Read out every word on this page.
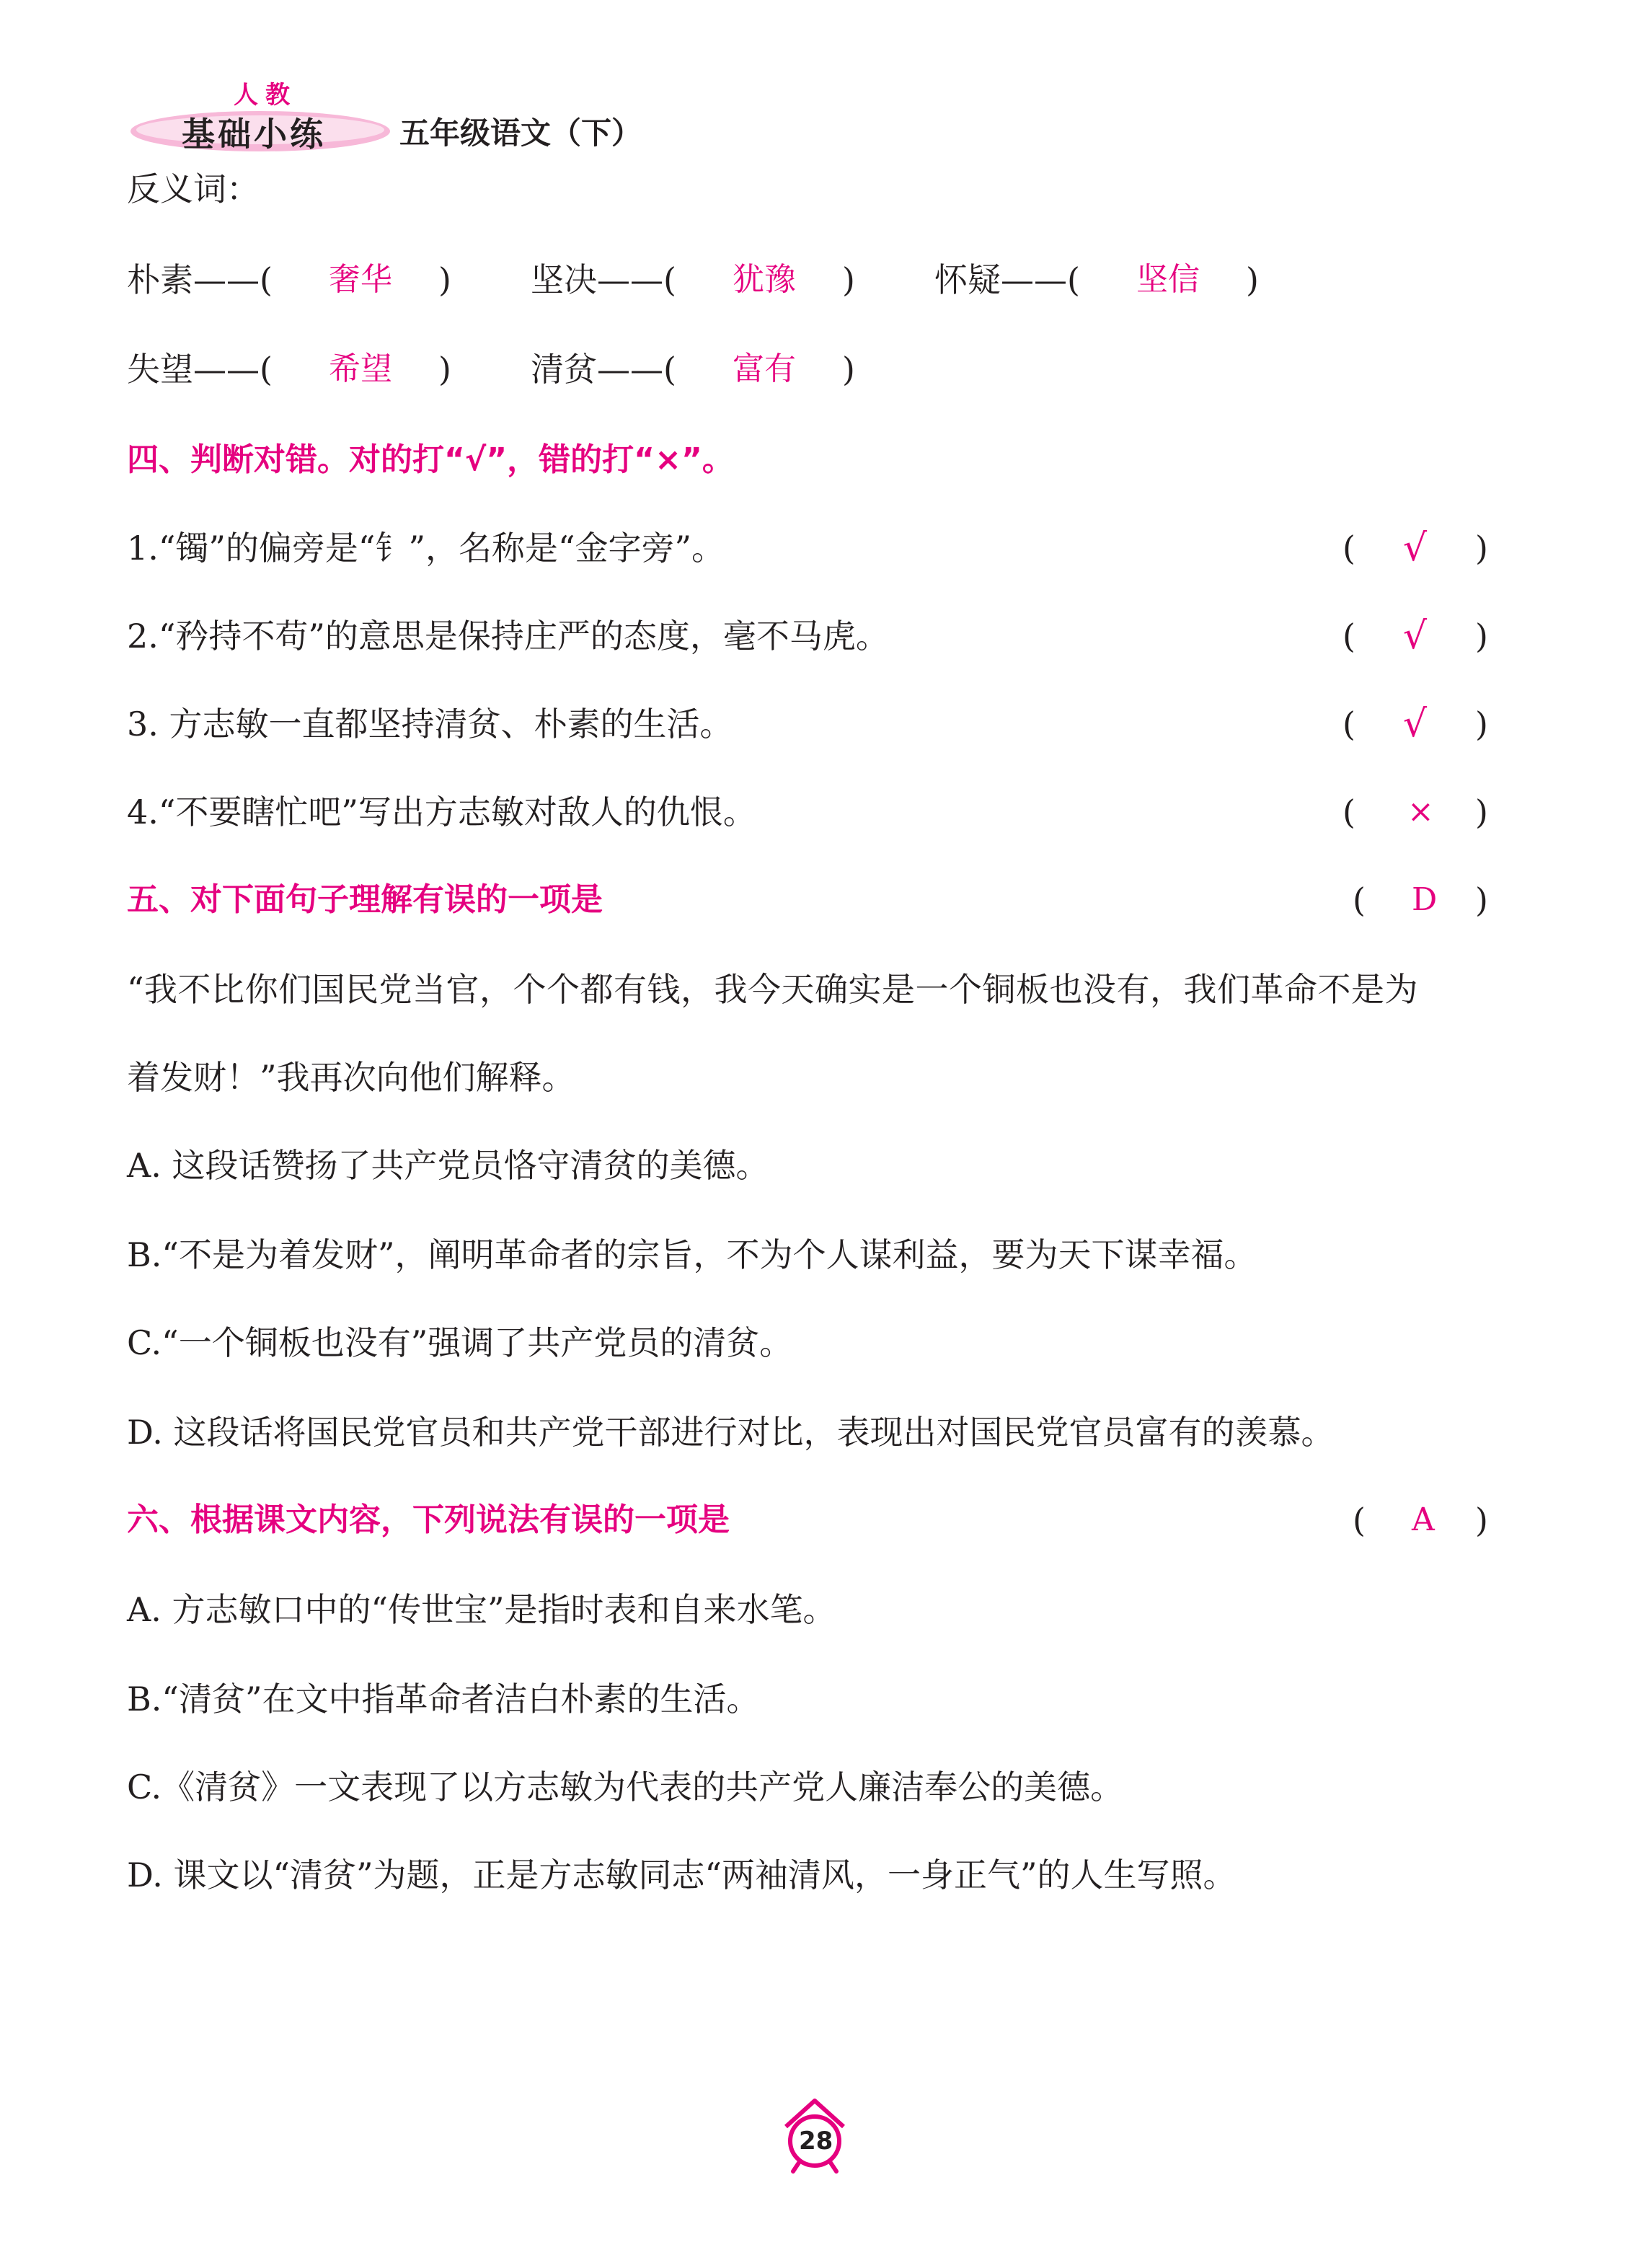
人教
基础小练 五年级语文（下）
反义词：
朴素——( 奢华 ) 坚决——( 犹豫 ) 怀疑——( 坚信 )
失望——( 希望 ) 清贫——( 富有 )
四、判断对错。对的打“√”，错的打“×”。
1.“镯”的偏旁是“钅”，名称是“金字旁”。	( √ )
2.“矜持不苟”的意思是保持庄严的态度，毫不马虎。	( √ )
3. 方志敏一直都坚持清贫、朴素的生活。	( √ )
4.“不要瞎忙吧”写出方志敏对敌人的仇恨。	( × )
五、对下面句子理解有误的一项是	( D )
“我不比你们国民党当官，个个都有钱，我今天确实是一个铜板也没有，我们革命不是为
着发财！”我再次向他们解释。
A. 这段话赞扬了共产党员恪守清贫的美德。
B.“不是为着发财”，阐明革命者的宗旨，不为个人谋利益，要为天下谋幸福。
C.“一个铜板也没有”强调了共产党员的清贫。
D. 这段话将国民党官员和共产党干部进行对比，表现出对国民党官员富有的羡慕。
六、根据课文内容，下列说法有误的一项是	( A )
A. 方志敏口中的“传世宝”是指时表和自来水笔。
B.“清贫”在文中指革命者洁白朴素的生活。
C.《清贫》一文表现了以方志敏为代表的共产党人廉洁奉公的美德。
D. 课文以“清贫”为题，正是方志敏同志“两袖清风，一身正气”的人生写照。
28
